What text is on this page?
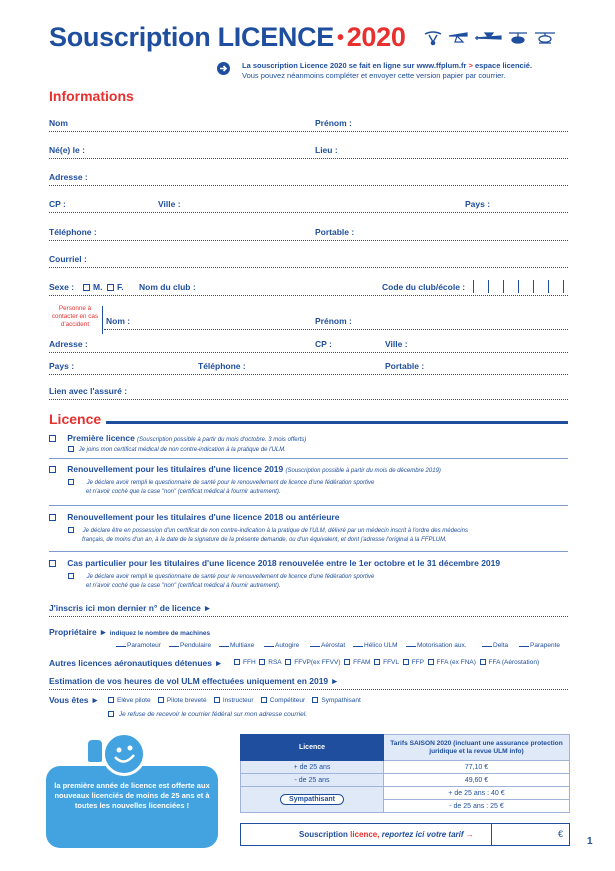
Souscription LICENCE • 2020
La souscription Licence 2020 se fait en ligne sur www.ffplum.fr > espace licencié.
Vous pouvez néanmoins compléter et envoyer cette version papier par courrier.
Informations
Nom	Prénom :
Né(e) le :	Lieu :
Adresse :
CP :	Ville :	Pays :
Téléphone :	Portable :
Courriel :
Sexe :	M.	F. Nom du club :	Code du club/école :
Personne à contacter en cas d'accident	Nom :	Prénom :
Adresse :	CP :	Ville :
Pays :	Téléphone :	Portable :
Lien avec l'assuré :
Licence
Première licence (Souscription possible à partir du mois d'octobre. 3 mois offerts)
Je joins mon certificat médical de non contre-indication à la pratique de l'ULM.
Renouvellement pour les titulaires d'une licence 2019 (Souscription possible à partir du mois de décembre 2019)
Je déclare avoir rempli le questionnaire de santé pour le renouvellement de licence d'une fédération sportive
et n'avoir coché que la case "non" (certificat médical à fournir autrement).
Renouvellement pour les titulaires d'une licence 2018 ou antérieure
Je déclare être en possession d'un certificat de non contre-indication à la pratique de l'ULM, délivré par un médecin inscrit à l'ordre des médecins
français, de moins d'un an, à la date de la signature de la présente demande, ou d'un équivalent, et dont j'adresse l'original à la FFPLUM.
Cas particulier pour les titulaires d'une licence 2018 renouvelée entre le 1er octobre et le 31 décembre 2019
Je déclare avoir rempli le questionnaire de santé pour le renouvellement de licence d'une fédération sportive
et n'avoir coché que la case "non" (certificat médical à fournir autrement).
J'inscris ici mon dernier n° de licence ►
Propriétaire ► indiquez le nombre de machines
Paramoteur	Pendulaire	Multiaxe	Autogire	Aérostat	Hélico ULM	Motorisation aux.	Delta	Parapente
Autres licences aéronautiques détenues ►	FFH RSA FFVP(ex FFVV) FFAM FFVL FFP FFA (ex FNA) FFA (Aérostation)
Estimation de vos heures de vol ULM effectuées uniquement en 2019 ►
Vous êtes ►	Elève pilote Pilote breveté Instructeur Compétiteur Sympathisant
Je refuse de recevoir le courrier fédéral sur mon adresse courriel.
la première année de licence est offerte aux nouveaux licenciés de moins de 25 ans et à toutes les nouvelles licenciées !
Licence	Tarifs SAISON 2020 (incluant une assurance protection juridique et la revue ULM info)
+ de 25 ans	77,10 €
- de 25 ans	49,60 €
Sympathisant	+ de 25 ans : 40 €
	- de 25 ans : 25 €
Souscription licence, reportez ici votre tarif →	€
1
